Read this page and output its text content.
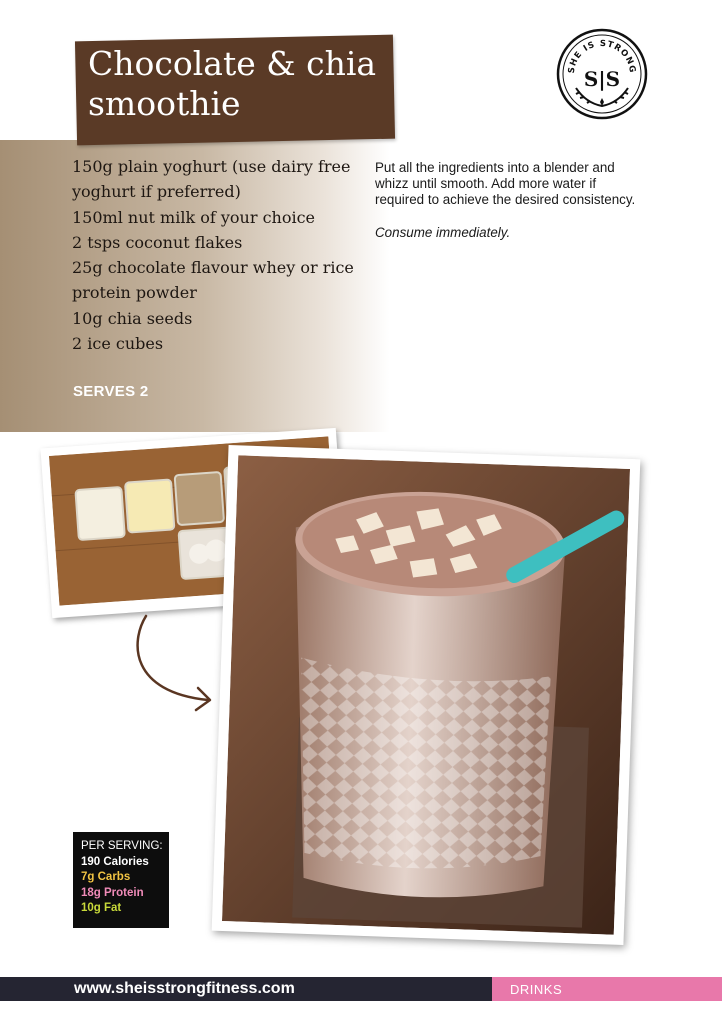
Chocolate & chia smoothie
SHE IS STRONG
S|S
150g plain yoghurt (use dairy free yoghurt if preferred)
150ml nut milk of your choice
2 tsps coconut flakes
25g chocolate flavour whey or rice protein powder
10g chia seeds
2 ice cubes
SERVES 2

Put all the ingredients into a blender and whizz until smooth. Add more water if required to achieve the desired consistency.

Consume immediately.

PER SERVING:
190 Calories
7g Carbs
18g Protein
10g Fat
www.sheisstrongfitness.com	DRINKS
